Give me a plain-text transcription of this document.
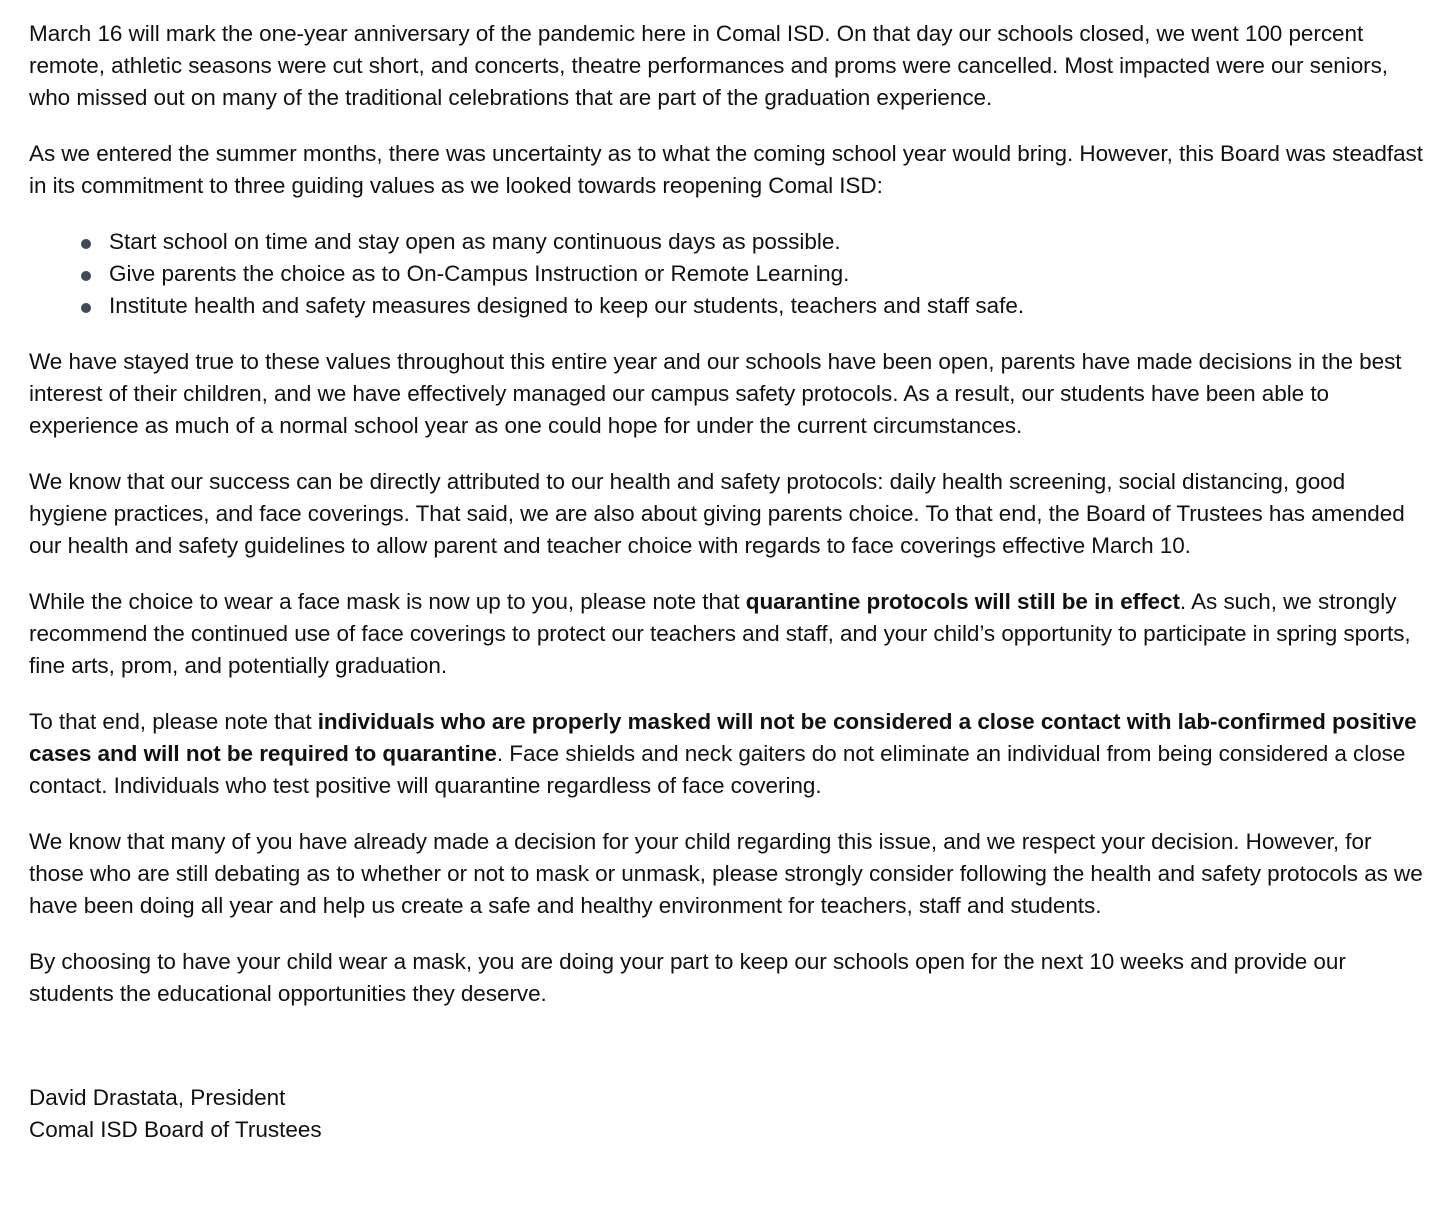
March 16 will mark the one-year anniversary of the pandemic here in Comal ISD. On that day our schools closed, we went 100 percent remote, athletic seasons were cut short, and concerts, theatre performances and proms were cancelled. Most impacted were our seniors, who missed out on many of the traditional celebrations that are part of the graduation experience.

As we entered the summer months, there was uncertainty as to what the coming school year would bring. However, this Board was steadfast in its commitment to three guiding values as we looked towards reopening Comal ISD:

Start school on time and stay open as many continuous days as possible.
Give parents the choice as to On-Campus Instruction or Remote Learning.
Institute health and safety measures designed to keep our students, teachers and staff safe.

We have stayed true to these values throughout this entire year and our schools have been open, parents have made decisions in the best interest of their children, and we have effectively managed our campus safety protocols. As a result, our students have been able to experience as much of a normal school year as one could hope for under the current circumstances.

We know that our success can be directly attributed to our health and safety protocols: daily health screening, social distancing, good hygiene practices, and face coverings. That said, we are also about giving parents choice. To that end, the Board of Trustees has amended our health and safety guidelines to allow parent and teacher choice with regards to face coverings effective March 10.

While the choice to wear a face mask is now up to you, please note that quarantine protocols will still be in effect. As such, we strongly recommend the continued use of face coverings to protect our teachers and staff, and your child’s opportunity to participate in spring sports, fine arts, prom, and potentially graduation.

To that end, please note that individuals who are properly masked will not be considered a close contact with lab-confirmed positive cases and will not be required to quarantine. Face shields and neck gaiters do not eliminate an individual from being considered a close contact. Individuals who test positive will quarantine regardless of face covering.

We know that many of you have already made a decision for your child regarding this issue, and we respect your decision. However, for those who are still debating as to whether or not to mask or unmask, please strongly consider following the health and safety protocols as we have been doing all year and help us create a safe and healthy environment for teachers, staff and students.

By choosing to have your child wear a mask, you are doing your part to keep our schools open for the next 10 weeks and provide our students the educational opportunities they deserve.

David Drastata, President
Comal ISD Board of Trustees
